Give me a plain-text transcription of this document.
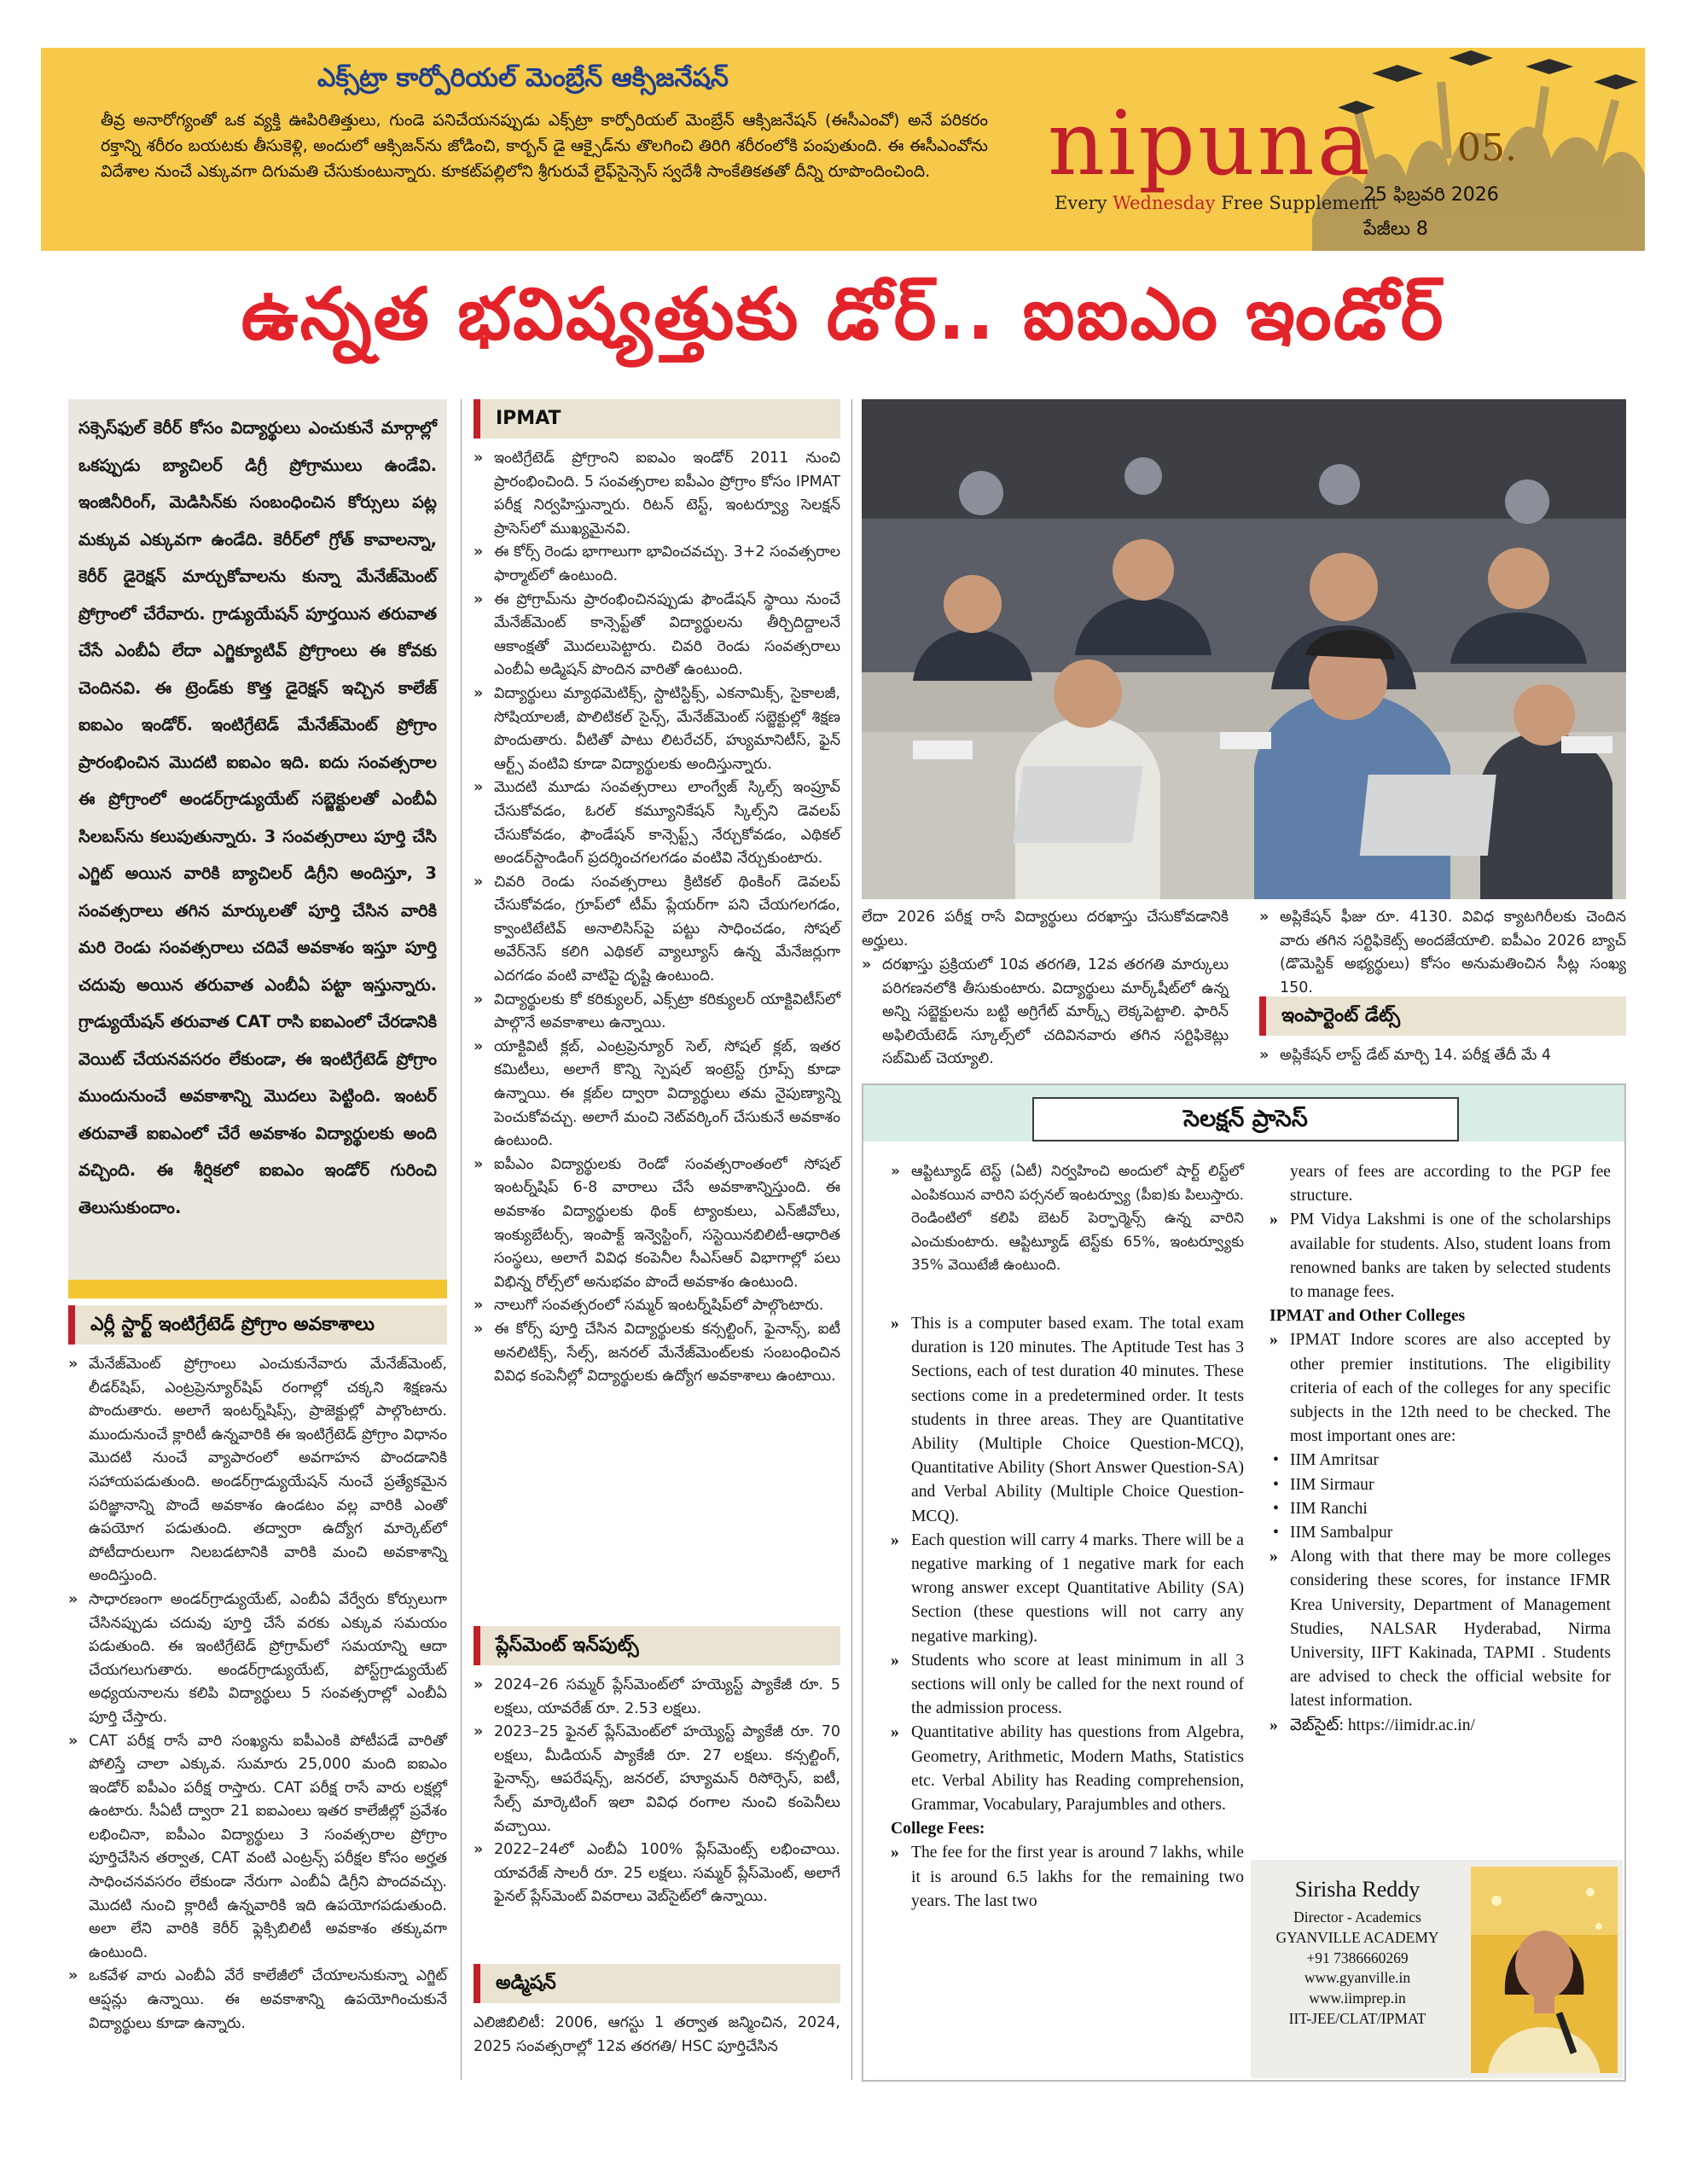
ఎక్స్‌ట్రా కార్పోరియల్ మెంబ్రేన్ ఆక్సిజనేషన్
తీవ్ర అనారోగ్యంతో ఒక వ్యక్తి ఊపిరితిత్తులు, గుండె పనిచేయనప్పుడు ఎక్స్‌ట్రా కార్పోరియల్ మెంబ్రేన్ ఆక్సిజనేషన్ (ఈసీఎంవో) అనే పరికరం రక్తాన్ని శరీరం బయటకు తీసుకెళ్లి, అందులో ఆక్సిజన్‌ను జోడించి, కార్బన్ డై ఆక్సైడ్‌ను తొలగించి తిరిగి శరీరంలోకి పంపుతుంది. ఈ ఈసీఎంవోను విదేశాల నుంచే ఎక్కువగా దిగుమతి చేసుకుంటున్నారు. కూకట్‌పల్లిలోని శ్రీగురువే లైఫ్‌సైన్సెస్ స్వదేశీ సాంకేతికతతో దీన్ని రూపొందించింది.	nipuna
Every Wednesday Free Supplement
05.
25 ఫిబ్రవరి 2026
పేజీలు 8
ఉన్నత భవిష్యత్తుకు డోర్.. ఐఐఎం ఇండోర్
సక్సెస్‌ఫుల్ కెరీర్ కోసం విద్యార్థులు ఎంచుకునే మార్గాల్లో ఒకప్పుడు బ్యాచిలర్ డిగ్రీ ప్రోగ్రాములు ఉండేవి. ఇంజినీరింగ్, మెడిసిన్‌కు సంబంధించిన కోర్సులు పట్ల మక్కువ ఎక్కువగా ఉండేది. కెరీర్‌లో గ్రోత్ కావాలన్నా, కెరీర్ డైరెక్షన్ మార్చుకోవాలను కున్నా మేనేజ్‌మెంట్ ప్రోగ్రాంలో చేరేవారు. గ్రాడ్యుయేషన్ పూర్తయిన తరువాత చేసే ఎంబీఏ లేదా ఎగ్జిక్యూటివ్ ప్రోగ్రాంలు ఈ కోవకు చెందినవి. ఈ ట్రెండ్‌కు కొత్త డైరెక్షన్ ఇచ్చిన కాలేజ్ ఐఐఎం ఇండోర్. ఇంటిగ్రేటెడ్ మేనేజ్‌మెంట్ ప్రోగ్రాం ప్రారంభించిన మొదటి ఐఐఎం ఇది. ఐదు సంవత్సరాల ఈ ప్రోగ్రాంలో అండర్‌గ్రాడ్యుయేట్ సబ్జెక్టులతో ఎంబీఏ సిలబస్‌ను కలుపుతున్నారు. 3 సంవత్సరాలు పూర్తి చేసి ఎగ్జిట్ అయిన వారికి బ్యాచిలర్ డిగ్రీని అందిస్తూ, 3 సంవత్సరాలు తగిన మార్కులతో పూర్తి చేసిన వారికి మరి రెండు సంవత్సరాలు చదివే అవకాశం ఇస్తూ పూర్తి చదువు అయిన తరువాత ఎంబీఏ పట్టా ఇస్తున్నారు. గ్రాడ్యుయేషన్ తరువాత CAT రాసి ఐఐఎంలో చేరడానికి వెయిట్ చేయనవసరం లేకుండా, ఈ ఇంటిగ్రేటెడ్ ప్రోగ్రాం ముందునుంచే అవకాశాన్ని మొదలు పెట్టింది. ఇంటర్ తరువాతే ఐఐఎంలో చేరే అవకాశం విద్యార్థులకు అంది వచ్చింది. ఈ శీర్షికలో ఐఐఎం ఇండోర్ గురించి తెలుసుకుందాం.
ఎర్లీ స్టార్ట్ ఇంటిగ్రేటెడ్ ప్రోగ్రాం అవకాశాలు
» మేనేజ్‌మెంట్ ప్రోగ్రాంలు ఎంచుకునేవారు మేనేజ్‌మెంట్, లీడర్‌షిప్, ఎంట్రప్రెన్యూర్‌షిప్ రంగాల్లో చక్కని శిక్షణను పొందుతారు. అలాగే ఇంటర్న్‌షిప్స్, ప్రాజెక్టుల్లో పాల్గొంటారు. ముందునుంచే క్లారిటీ ఉన్నవారికి ఈ ఇంటిగ్రేటెడ్ ప్రోగ్రాం విధానం మొదటి నుంచే వ్యాపారంలో అవగాహన పొందడానికి సహాయపడుతుంది. అండర్‌గ్రాడ్యుయేషన్ నుంచే ప్రత్యేకమైన పరిజ్ఞానాన్ని పొందే అవకాశం ఉండటం వల్ల వారికి ఎంతో ఉపయోగ పడుతుంది. తద్వారా ఉద్యోగ మార్కెట్‌లో పోటీదారులుగా నిలబడటానికి వారికి మంచి అవకాశాన్ని అందిస్తుంది.
» సాధారణంగా అండర్‌గ్రాడ్యుయేట్, ఎంబీఏ వేర్వేరు కోర్సులుగా చేసినప్పుడు చదువు పూర్తి చేసే వరకు ఎక్కువ సమయం పడుతుంది. ఈ ఇంటిగ్రేటెడ్ ప్రోగ్రామ్‌లో సమయాన్ని ఆదా చేయగలుగుతారు. అండర్‌గ్రాడ్యుయేట్, పోస్ట్‌గ్రాడ్యుయేట్ అధ్యయనాలను కలిపి విద్యార్థులు 5 సంవత్సరాల్లో ఎంబీఏ పూర్తి చేస్తారు.
» CAT పరీక్ష రాసే వారి సంఖ్యను ఐపీఎంకి పోటీపడే వారితో పోలిస్తే చాలా ఎక్కువ. సుమారు 25,000 మంది ఐఐఎం ఇండోర్ ఐపీఎం పరీక్ష రాస్తారు. CAT పరీక్ష రాసే వారు లక్షల్లో ఉంటారు. సీఏటీ ద్వారా 21 ఐఐఎంలు ఇతర కాలేజీల్లో ప్రవేశం లభించినా, ఐపీఎం విద్యార్థులు 3 సంవత్సరాల ప్రోగ్రాం పూర్తిచేసిన తర్వాత, CAT వంటి ఎంట్రన్స్ పరీక్షల కోసం అర్హత సాధించనవసరం లేకుండా నేరుగా ఎంబీఏ డిగ్రీని పొందవచ్చు. మొదటి నుంచి క్లారిటీ ఉన్నవారికి ఇది ఉపయోగపడుతుంది. అలా లేని వారికి కెరీర్ ఫ్లెక్సిబిలిటీ అవకాశం తక్కువగా ఉంటుంది.
» ఒకవేళ వారు ఎంబీఏ వేరే కాలేజీలో చేయాలనుకున్నా ఎగ్జిట్ ఆప్షన్లు ఉన్నాయి. ఈ అవకాశాన్ని ఉపయోగించుకునే విద్యార్థులు కూడా ఉన్నారు.
IPMAT
» ఇంటిగ్రేటెడ్ ప్రోగ్రాంని ఐఐఎం ఇండోర్ 2011 నుంచి ప్రారంభించింది. 5 సంవత్సరాల ఐపీఎం ప్రోగ్రాం కోసం IPMAT పరీక్ష నిర్వహిస్తున్నారు. రిటన్ టెస్ట్, ఇంటర్వ్యూ సెలక్షన్ ప్రాసెస్‌లో ముఖ్యమైనవి.
» ఈ కోర్స్ రెండు భాగాలుగా భావించవచ్చు. 3+2 సంవత్సరాల ఫార్మాట్‌లో ఉంటుంది.
» ఈ ప్రోగ్రామ్‌ను ప్రారంభించినప్పుడు ఫౌండేషన్ స్థాయి నుంచే మేనేజ్‌మెంట్ కాన్సెప్ట్‌తో విద్యార్థులను తీర్చిదిద్దాలనే ఆకాంక్షతో మొదలుపెట్టారు. చివరి రెండు సంవత్సరాలు ఎంబీఏ అడ్మిషన్ పొందిన వారితో ఉంటుంది.
» విద్యార్థులు మ్యాథమెటిక్స్, స్టాటిస్టిక్స్, ఎకనామిక్స్, సైకాలజీ, సోషియాలజీ, పొలిటికల్ సైన్స్, మేనేజ్‌మెంట్ సబ్జెక్టుల్లో శిక్షణ పొందుతారు. వీటితో పాటు లిటరేచర్, హ్యుమానిటీస్, ఫైన్ ఆర్ట్స్ వంటివి కూడా విద్యార్థులకు అందిస్తున్నారు.
» మొదటి మూడు సంవత్సరాలు లాంగ్వేజ్ స్కిల్స్ ఇంప్రూవ్ చేసుకోవడం, ఓరల్ కమ్యూనికేషన్ స్కిల్స్‌ని డెవలప్ చేసుకోవడం, ఫౌండేషన్ కాన్సెప్ట్స్ నేర్చుకోవడం, ఎథికల్ అండర్‌స్టాండింగ్ ప్రదర్శించగలగడం వంటివి నేర్చుకుంటారు.
» చివరి రెండు సంవత్సరాలు క్రిటికల్ థింకింగ్ డెవలప్ చేసుకోవడం, గ్రూప్‌లో టీమ్ ప్లేయర్‌గా పని చేయగలగడం, క్వాంటిటేటివ్ అనాలిసిస్‌పై పట్టు సాధించడం, సోషల్ అవేర్‌నెస్ కలిగి ఎథికల్ వ్యాల్యూస్ ఉన్న మేనేజర్లుగా ఎదగడం వంటి వాటిపై దృష్టి ఉంటుంది.
» విద్యార్థులకు కో కరిక్యులర్, ఎక్స్‌ట్రా కరిక్యులర్ యాక్టివిటీస్‌లో పాల్గొనే అవకాశాలు ఉన్నాయి.
» యాక్టివిటీ క్లబ్, ఎంట్రప్రెన్యూర్ సెల్, సోషల్ క్లబ్, ఇతర కమిటీలు, అలాగే కొన్ని స్పెషల్ ఇంట్రెస్ట్ గ్రూప్స్ కూడా ఉన్నాయి. ఈ క్లబ్‌ల ద్వారా విద్యార్థులు తమ నైపుణ్యాన్ని పెంచుకోవచ్చు. అలాగే మంచి నెట్‌వర్కింగ్ చేసుకునే అవకాశం ఉంటుంది.
» ఐపీఎం విద్యార్థులకు రెండో సంవత్సరాంతంలో సోషల్ ఇంటర్న్‌షిప్ 6-8 వారాలు చేసే అవకాశాన్నిస్తుంది. ఈ అవకాశం విద్యార్థులకు థింక్ ట్యాంకులు, ఎన్‌జీవోలు, ఇంక్యుబేటర్స్, ఇంపాక్ట్ ఇన్వెస్టింగ్, సస్టెయినబిలిటీ-ఆధారిత సంస్థలు, అలాగే వివిధ కంపెనీల సీఎస్‌ఆర్ విభాగాల్లో పలు విభిన్న రోల్స్‌లో అనుభవం పొందే అవకాశం ఉంటుంది.
» నాలుగో సంవత్సరంలో సమ్మర్ ఇంటర్న్‌షిప్‌లో పాల్గొంటారు.
» ఈ కోర్స్ పూర్తి చేసిన విద్యార్థులకు కన్సల్టింగ్, ఫైనాన్స్, ఐటీ అనలిటిక్స్, సేల్స్, జనరల్ మేనేజ్‌మెంట్‌లకు సంబంధించిన వివిధ కంపెనీల్లో విద్యార్థులకు ఉద్యోగ అవకాశాలు ఉంటాయి.
ప్లేస్‌మెంట్ ఇన్‌పుట్స్
» 2024–26 సమ్మర్ ప్లేస్‌మెంట్‌లో హయ్యెస్ట్ ప్యాకేజీ రూ. 5 లక్షలు, యావరేజ్ రూ. 2.53 లక్షలు.
» 2023–25 ఫైనల్ ప్లేస్‌మెంట్‌లో హయ్యెస్ట్ ప్యాకేజీ రూ. 70 లక్షలు, మీడియన్ ప్యాకేజీ రూ. 27 లక్షలు. కన్సల్టింగ్, ఫైనాన్స్, ఆపరేషన్స్, జనరల్, హ్యూమన్ రిసోర్సెస్, ఐటీ, సేల్స్ మార్కెటింగ్ ఇలా వివిధ రంగాల నుంచి కంపెనీలు వచ్చాయి.
» 2022–24లో ఎంబీఏ 100% ప్లేస్‌మెంట్స్ లభించాయి. యావరేజ్ సాలరీ రూ. 25 లక్షలు. సమ్మర్ ప్లేస్‌మెంట్, అలాగే ఫైనల్ ప్లేస్‌మెంట్ వివరాలు వెబ్‌సైట్‌లో ఉన్నాయి.
అడ్మిషన్
ఎలిజిబిలిటీ: 2006, ఆగస్టు 1 తర్వాత జన్మించిన, 2024, 2025 సంవత్సరాల్లో 12వ తరగతి/ HSC పూర్తిచేసిన
లేదా 2026 పరీక్ష రాసే విద్యార్థులు దరఖాస్తు చేసుకోవడానికి అర్హులు.
» దరఖాస్తు ప్రక్రియలో 10వ తరగతి, 12వ తరగతి మార్కులు పరిగణనలోకి తీసుకుంటారు. విద్యార్థులు మార్క్‌షీట్‌లో ఉన్న అన్ని సబ్జెక్టులను బట్టి అగ్రిగేట్ మార్క్స్ లెక్కపెట్టాలి. ఫారిన్ అఫిలియేటెడ్ స్కూల్స్‌లో చదివినవారు తగిన సర్టిఫికెట్లు సబ్‌మిట్ చెయ్యాలి.
» అప్లికేషన్ ఫీజు రూ. 4130. వివిధ క్యాటగిరీలకు చెందిన వారు తగిన సర్టిఫికెట్స్ అందజేయాలి. ఐపీఎం 2026 బ్యాచ్ (డొమెస్టిక్ అభ్యర్థులు) కోసం అనుమతించిన సీట్ల సంఖ్య 150.
ఇంపార్టెంట్ డేట్స్
» అప్లికేషన్ లాస్ట్ డేట్ మార్చి 14. పరీక్ష తేదీ మే 4
సెలక్షన్ ప్రాసెస్
» ఆప్టిట్యూడ్ టెస్ట్ (ఏటీ) నిర్వహించి అందులో షార్ట్ లిస్ట్‌లో ఎంపికయిన వారిని పర్సనల్ ఇంటర్వ్యూ (పీఐ)కు పిలుస్తారు. రెండింటిలో కలిపి బెటర్ పెర్ఫార్మెన్స్ ఉన్న వారిని ఎంచుకుంటారు. ఆప్టిట్యూడ్ టెస్ట్‌కు 65%, ఇంటర్వ్యూకు 35% వెయిటేజీ ఉంటుంది.
» This is a computer based exam. The total exam duration is 120 minutes. The Aptitude Test has 3 Sections, each of test duration 40 minutes. These sections come in a predetermined order. It tests students in three areas. They are Quantitative Ability (Multiple Choice Question-MCQ), Quantitative Ability (Short Answer Question-SA) and Verbal Ability (Multiple Choice Question-MCQ).
» Each question will carry 4 marks. There will be a negative marking of 1 negative mark for each wrong answer except Quantitative Ability (SA) Section (these questions will not carry any negative marking).
» Students who score at least minimum in all 3 sections will only be called for the next round of the admission process.
» Quantitative ability has questions from Algebra, Geometry, Arithmetic, Modern Maths, Statistics etc. Verbal Ability has Reading comprehension, Grammar, Vocabulary, Parajumbles and others.
College Fees:
» The fee for the first year is around 7 lakhs, while it is around 6.5 lakhs for the remaining two years. The last two
years of fees are according to the PGP fee structure.
» PM Vidya Lakshmi is one of the scholarships available for students. Also, student loans from renowned banks are taken by selected students to manage fees.
IPMAT and Other Colleges
» IPMAT Indore scores are also accepted by other premier institutions. The eligibility criteria of each of the colleges for any specific subjects in the 12th need to be checked. The most important ones are:
• IIM Amritsar
• IIM Sirmaur
• IIM Ranchi
• IIM Sambalpur
» Along with that there may be more colleges considering these scores, for instance IFMR Krea University, Department of Management Studies, NALSAR Hyderabad, Nirma University, IIFT Kakinada, TAPMI . Students are advised to check the official website for latest information.
» వెబ్‌సైట్: https://iimidr.ac.in/
Sirisha Reddy
Director - Academics
GYANVILLE ACADEMY
+91 7386660269
www.gyanville.in
www.iimprep.in
IIT-JEE/CLAT/IPMAT
